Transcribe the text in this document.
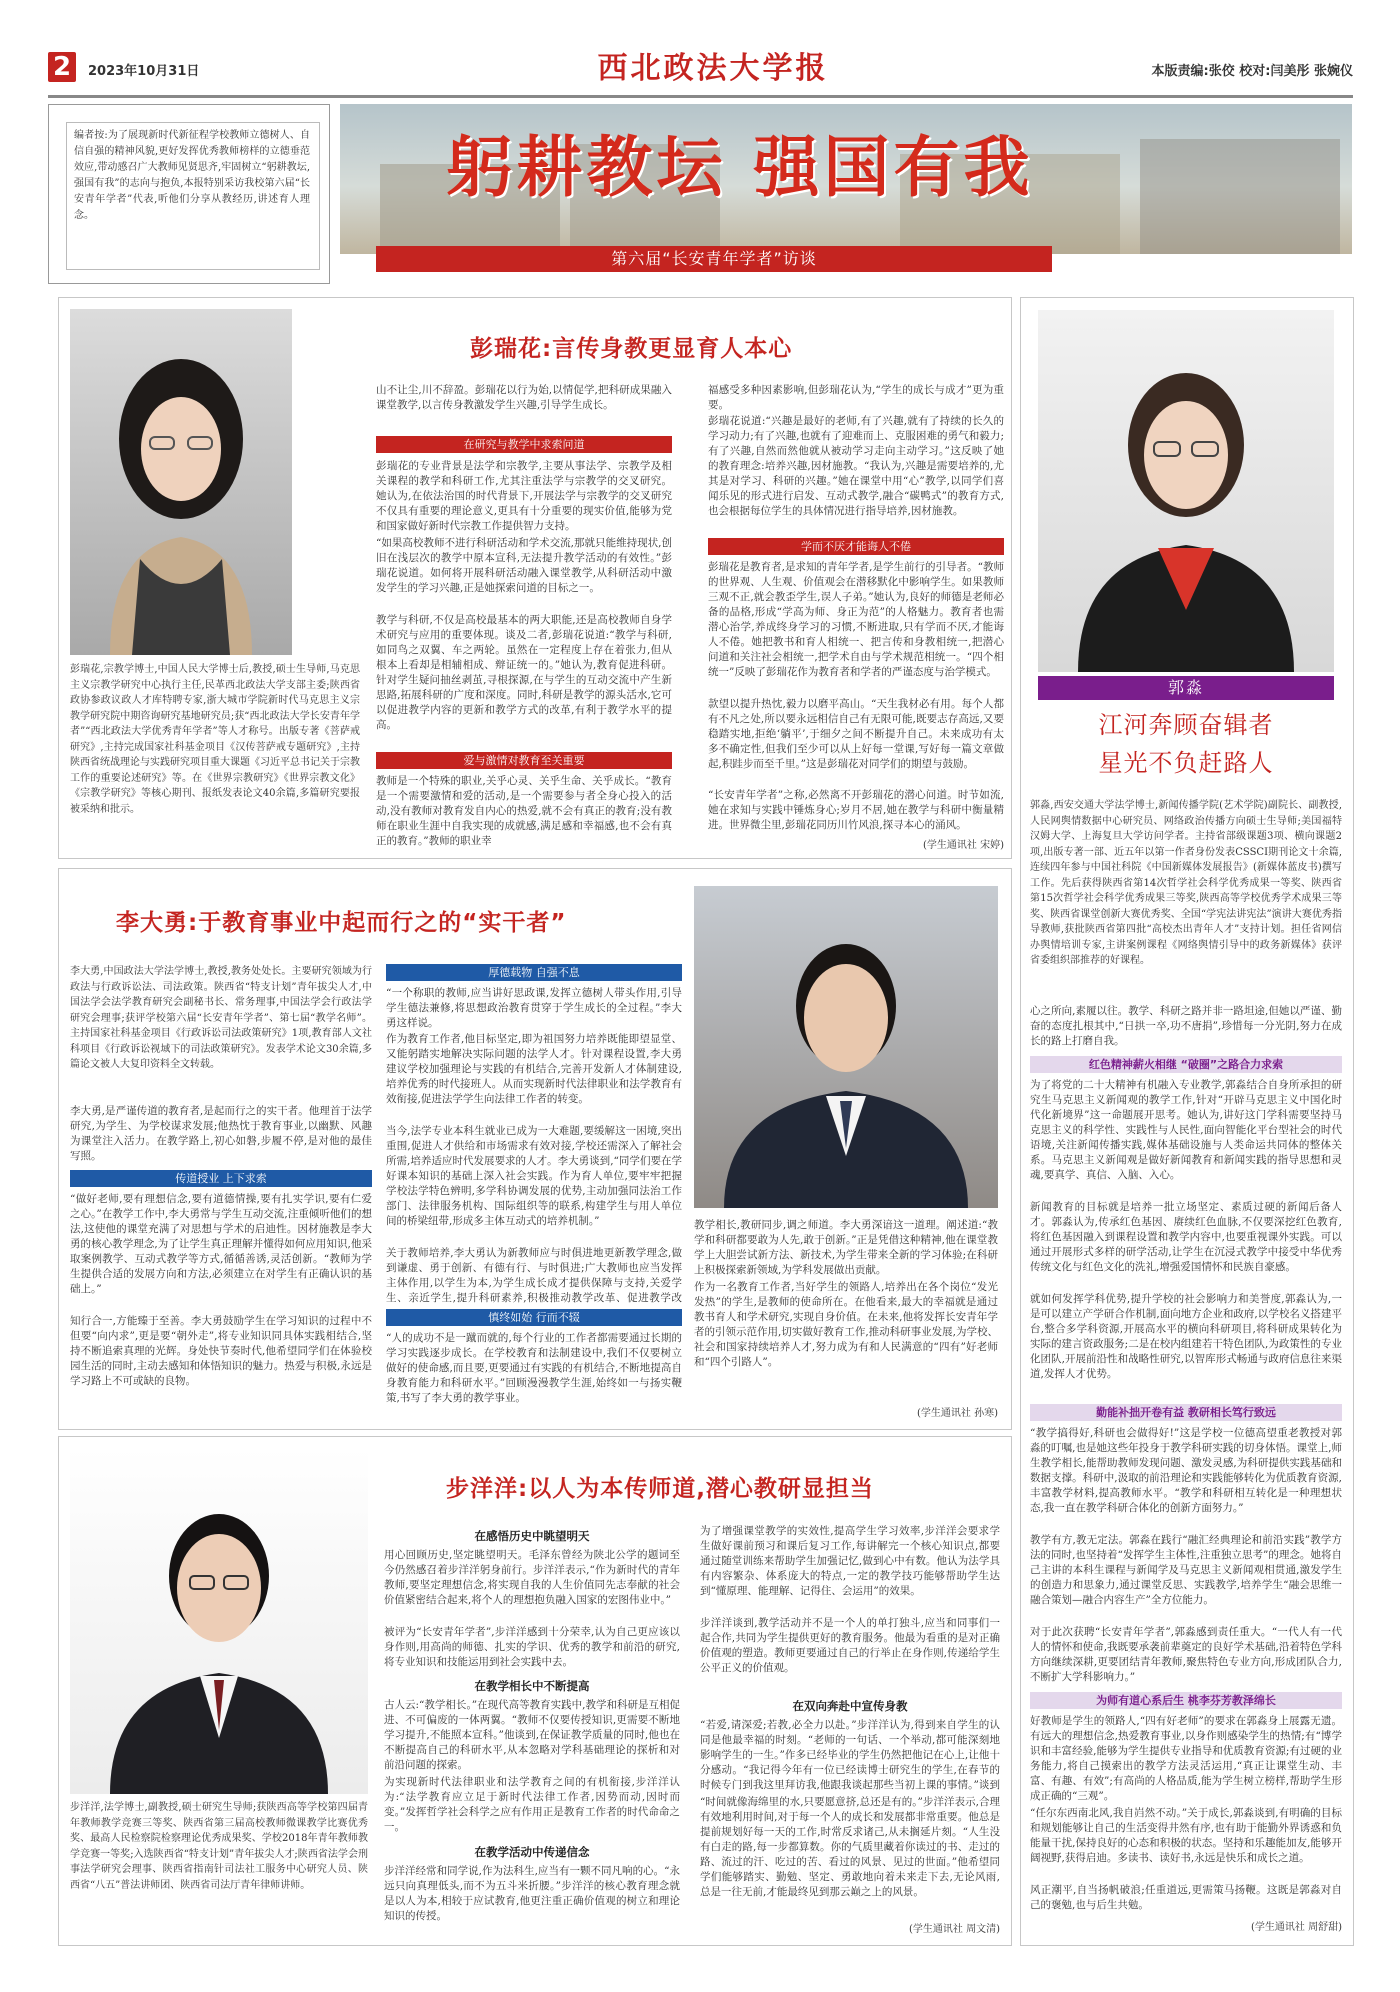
2	2023年10月31日	西北政法大学报	本版责编:张佼 校对:闫美彤 张婉仪
编者按:为了展现新时代新征程学校教师立德树人、自信自强的精神风貌,更好发挥优秀教师榜样的立德垂范效应,带动感召广大教师见贤思齐,牢固树立“躬耕教坛,强国有我”的志向与抱负,本报特别采访我校第六届“长安青年学者”代表,听他们分享从教经历,讲述育人理念。
躬耕教坛 强国有我
第六届“长安青年学者”访谈
彭瑞花,宗教学博士,中国人民大学博士后,教授,硕士生导师,马克思主义宗教学研究中心执行主任,民革西北政法大学支部主委;陕西省政协参政议政人才库特聘专家,浙大城市学院新时代马克思主义宗教学研究院中期咨询研究基地研究员;获“西北政法大学长安青年学者”“西北政法大学优秀青年学者”等人才称号。出版专著《菩萨戒研究》,主持完成国家社科基金项目《汉传菩萨戒专题研究》,主持陕西省统战理论与实践研究项目重大课题《习近平总书记关于宗教工作的重要论述研究》等。在《世界宗教研究》《世界宗教文化》《宗教学研究》等核心期刊、报纸发表论文40余篇,多篇研究要报被采纳和批示。
彭瑞花:言传身教更显育人本心
山不让尘,川不辞盈。彭瑞花以行为始,以情促学,把科研成果融入课堂教学,以言传身教激发学生兴趣,引导学生成长。
在研究与教学中求索问道
彭瑞花的专业背景是法学和宗教学,主要从事法学、宗教学及相关课程的教学和科研工作,尤其注重法学与宗教学的交叉研究。她认为,在依法治国的时代背景下,开展法学与宗教学的交叉研究不仅具有重要的理论意义,更具有十分重要的现实价值,能够为党和国家做好新时代宗教工作提供智力支持。
“如果高校教师不进行科研活动和学术交流,那就只能维持现状,创旧在浅层次的教学中原本宣科,无法提升教学活动的有效性。”彭瑞花说道。如何将开展科研活动融入课堂教学,从科研活动中激发学生的学习兴趣,正是她探索问道的目标之一。
教学与科研,不仅是高校最基本的两大职能,还是高校教师自身学术研究与应用的重要体现。谈及二者,彭瑞花说道:“教学与科研,如同鸟之双翼、车之两轮。虽然在一定程度上存在着张力,但从根本上看却是相辅相成、辩证统一的。”她认为,教育促进科研。针对学生疑问抽丝剥茧,寻根探源,在与学生的互动交流中产生新思路,拓展科研的广度和深度。同时,科研是教学的源头活水,它可以促进教学内容的更新和教学方式的改革,有利于教学水平的提高。
爱与激情对教育至关重要
教师是一个特殊的职业,关乎心灵、关乎生命、关乎成长。“教育是一个需要激情和爱的活动,是一个需要参与者全身心投入的活动,没有教师对教育发自内心的热爱,就不会有真正的教育;没有教师在职业生涯中自我实现的成就感,满足感和幸福感,也不会有真正的教育。”教师的职业幸
福感受多种因素影响,但彭瑞花认为,“学生的成长与成才”更为重要。
彭瑞花说道:“兴趣是最好的老师,有了兴趣,就有了持续的长久的学习动力;有了兴趣,也就有了迎难而上、克服困难的勇气和毅力;有了兴趣,自然而然他就从被动学习走向主动学习。”这反映了她的教育理念:培养兴趣,因材施教。“我认为,兴趣是需要培养的,尤其是对学习、科研的兴趣。”她在课堂中用“心”教学,以同学们喜闻乐见的形式进行启发、互动式教学,融合“碳鸭式”的教育方式,也会根据每位学生的具体情况进行指导培养,因材施教。
学而不厌才能诲人不倦
彭瑞花是教育者,是求知的青年学者,是学生前行的引导者。“教师的世界观、人生观、价值观会在潜移默化中影响学生。如果教师三观不正,就会教歪学生,误人子弟。”她认为,良好的师德是老师必备的品格,形成“学高为师、身正为范”的人格魅力。教育者也需潜心治学,养成终身学习的习惯,不断进取,只有学而不厌,才能诲人不倦。她把教书和育人相统一、把言传和身教相统一,把潜心问道和关注社会相统一,把学术自由与学术规范相统一。“四个相统一”反映了彭瑞花作为教育者和学者的严谨态度与治学模式。
款望以提升热忱,毅力以磨平高山。“天生我材必有用。每个人都有不凡之处,所以要永远相信自己有无限可能,既要志存高远,又要稳踏实地,拒绝‘躺平’,于细夕之间不断提升自己。未来成功有太多不确定性,但我们至少可以从上好每一堂课,写好每一篇文章做起,积跬步而至千里。”这是彭瑞花对同学们的期望与鼓励。
“长安青年学者”之称,必然离不开彭瑞花的潜心问道。时节如流,她在求知与实践中锤炼身心;岁月不居,她在教学与科研中衡量精进。世界微尘里,彭瑞花同历川竹风浪,探寻本心的涌风。
(学生通讯社 宋婷)
郭淼
江河奔顾奋辑者
星光不负赶路人
郭淼,西安交通大学法学博士,新闻传播学院(艺术学院)副院长、副教授,人民网舆情数据中心研究员、网络政治传播方向硕士生导师;美国福特汉姆大学、上海复旦大学访问学者。主持省部级课题3项、横向课题2项,出版专著一部、近五年以第一作者身份发表CSSCI期刊论文十余篇,连续四年参与中国社科院《中国新媒体发展报告》(新媒体蓝皮书)撰写工作。先后获得陕西省第14次哲学社会科学优秀成果一等奖、陕西省第15次哲学社会科学优秀成果三等奖,陕西高等学校优秀学术成果三等奖、陕西省课堂创新大赛优秀奖、全国“学宪法讲宪法”演讲大赛优秀指导教师,获批陕西省第四批“高校杰出青年人才”支持计划。担任省网信办舆情培训专家,主讲案例课程《网络舆情引导中的政务新媒体》获评省委组织部推荐的好课程。
心之所向,素履以往。教学、科研之路并非一路坦途,但她以严谨、勤奋的态度扎根其中,“日拱一卒,功不唐捐”,珍惜每一分光阴,努力在成长的路上打磨自我。
红色精神薪火相继 “破圈”之路合力求索
为了将党的二十大精神有机融入专业教学,郭淼结合自身所承担的研究生马克思主义新闻观的教学工作,针对“开辟马克思主义中国化时代化新境界”这一命题展开思考。她认为,讲好这门学科需要坚持马克思主义的科学性、实践性与人民性,面向智能化平台型社会的时代语境,关注新闻传播实践,媒体基础设施与人类命运共同体的整体关系。马克思主义新闻观是做好新闻教育和新闻实践的指导思想和灵魂,要真学、真信、入脑、入心。
新闻教育的目标就是培养一批立场坚定、素质过硬的新闻后备人才。郭淼认为,传承红色基因、赓续红色血脉,不仅要深挖红色教育,将红色基因融入到课程设置和教学内容中,也要重视课外实践。可以通过开展形式多样的研学活动,让学生在沉浸式教学中接受中华优秀传统文化与红色文化的洗礼,增强爱国情怀和民族自豪感。
就如何发挥学科优势,提升学校的社会影响力和美誉度,郭淼认为,一是可以建立产学研合作机制,面向地方企业和政府,以学校名义搭建平台,整合多学科资源,开展高水平的横向科研项目,将科研成果转化为实际的建言资政服务;二是在校内组建若干特色团队,为政策性的专业化团队,开展前沿性和战略性研究,以智库形式畅通与政府信息往来渠道,发挥人才优势。
勤能补拙开卷有益 教研相长笃行致远
“教学搞得好,科研也会做得好!”这是学校一位德高望重老教授对郭淼的叮嘱,也是她这些年投身于教学科研实践的切身体悟。课堂上,师生教学相长,能帮助教师发现问题、激发灵感,为科研提供实践基础和数据支撑。科研中,汲取的前沿理论和实践能够转化为优质教育资源,丰富教学材料,提高教师水平。“教学和科研相互转化是一种理想状态,我一直在教学科研合体化的创新方面努力。”
教学有方,教无定法。郭淼在践行“融汇经典理论和前沿实践”教学方法的同时,也坚持着“发挥学生主体性,注重独立思考”的理念。她将自己主讲的本科生课程与新闻学及马克思主义新闻观相贯通,激发学生的创造力和思象力,通过课堂反思、实践教学,培养学生“融会思维一融合策划—融合内容生产”全方位能力。
对于此次获聘“长安青年学者”,郭淼感到责任重大。“一代人有一代人的情怀和使命,我既要承袭前辈奠定的良好学术基础,沿着特色学科方向继续深耕,更要团结青年教师,聚焦特色专业方向,形成团队合力,不断扩大学科影响力。”
为师有道心系后生 桃李芬芳教泽绵长
好教师是学生的领路人,“四有好老师”的要求在郭淼身上展露无遗。有远大的理想信念,热爱教育事业,以身作则感染学生的热情;有“博学识和丰富经验,能够为学生提供专业指导和优质教育资源;有过硬的业务能力,将自己摸索出的教学方法灵活运用,“真正让课堂生动、丰富、有趣、有效”;有高尚的人格品质,能为学生树立榜样,帮助学生形成正确的“三观”。
“任尔东西南北风,我自岿然不动。”关于成长,郭淼谈到,有明确的目标和规划能够让自己的生活变得井然有序,也有助于能勤外界诱惑和负能量干扰,保持良好的心态和积极的状态。坚持和乐趣能加友,能够开阔视野,获得启迪。多读书、读好书,永远是快乐和成长之道。
风正潮平,自当扬帆破浪;任重道远,更需策马扬鞭。这既是郭淼对自己的褒勉,也与后生共勉。
(学生通讯社 周舒甜)
李大勇:于教育事业中起而行之的“实干者”
李大勇,中国政法大学法学博士,教授,教务处处长。主要研究领域为行政法与行政诉讼法、司法政策。陕西省“特支计划”青年拔尖人才,中国法学会法学教育研究会副秘书长、常务理事,中国法学会行政法学研究会理事;获评学校第六届“长安青年学者”、第七届“教学名师”。主持国家社科基金项目《行政诉讼司法政策研究》1项,教育部人文社科项目《行政诉讼视域下的司法政策研究》。发表学术论文30余篇,多篇论文被人大复印资料全文转载。
李大勇,是严谨传道的教育者,是起而行之的实干者。他理首于法学研究,为学生、为学校谋求发展;他热忱于教育事业,以幽默、风趣为课堂注入活力。在教学路上,初心如磐,步履不停,是对他的最佳写照。
传道授业 上下求索
“做好老师,要有理想信念,要有道德情操,要有扎实学识,要有仁爱之心。”在教学工作中,李大勇常与学生互动交流,注重倾听他们的想法,这使他的课堂充满了对思想与学术的启迪性。因材施教是李大勇的核心教学理念,为了让学生真正理解并懂得如何应用知识,他采取案例教学、互动式教学等方式,循循善诱,灵活创新。“教师为学生提供合适的发展方向和方法,必须建立在对学生有正确认识的基础上。”
知行合一,方能臻于至善。李大勇鼓励学生在学习知识的过程中不但要“向内求”,更是要“朝外走”,将专业知识同具体实践相结合,坚持不断追索真理的光辉。身处快节奏时代,他希望同学们在体验校园生活的同时,主动去感知和体悟知识的魅力。热爱与积极,永远是学习路上不可或缺的良物。
厚德载物 自强不息
“一个称职的教师,应当讲好思政课,发挥立德树人带头作用,引导学生德法兼修,将思想政治教育贯穿于学生成长的全过程。”李大勇这样说。
作为教育工作者,他目标坚定,即为祖国努力培养既能即望显堂、又能躬踏实地解决实际问题的法学人才。针对课程设置,李大勇建议学校加强理论与实践的有机结合,完善开发新人才体制建设,培养优秀的时代接班人。从而实现新时代法律职业和法学教育有效衔接,促进法学学生向法律工作者的转变。
当今,法学专业本科生就业已成为一大难题,要缓解这一困境,突出重围,促进人才供给和市场需求有效对接,学校还需深入了解社会所需,培养适应时代发展要求的人才。李大勇谈到,“同学们要在学好课本知识的基础上深入社会实践。作为育人单位,要牢牢把握学校法学特色辨明,多学科协调发展的优势,主动加强同法治工作部门、法律服务机构、国际组织等的联系,构建学生与用人单位间的桥梁纽带,形成多主体互动式的培养机制。”
关于教师培养,李大勇认为新教师应与时俱进地更新教学理念,做到谦虚、勇于创新、有德有行、与时俱进;广大教师也应当发挥主体作用,以学生为本,为学生成长成才提供保障与支持,关爱学生、亲近学生,提升科研素养,积极推动教学改革、促进教学改
慎终如始 行而不辍
“人的成功不是一蹴而就的,每个行业的工作者都需要通过长期的学习实践逐步成长。在学校教育和法制建设中,我们不仅要树立做好的使命感,而且要,更要通过有实践的有机结合,不断地提高自身教育能力和科研水平。”回顾漫漫教学生涯,始终如一与扬实鞭策,书写了李大勇的教学事业。
教学相长,教研同步,调之师道。李大勇深谙这一道理。阐述道:“教学和科研都要敢为人先,敢于创新。”正是凭借这种精神,他在课堂教学上大胆尝试新方法、新技术,为学生带来全新的学习体验;在科研上积极探索新领域,为学科发展做出贡献。
作为一名教育工作者,当好学生的领路人,培养出在各个岗位“发光发热”的学生,是教师的使命所在。在他看来,最大的幸福就是通过教书育人和学术研究,实现自身价值。在未来,他将发挥长安青年学者的引领示范作用,切实做好教育工作,推动科研事业发展,为学校、社会和国家持续培养人才,努力成为有和人民满意的“四有”好老师和“四个引路人”。
(学生通讯社 孙寒)
步洋洋,法学博士,副教授,硕士研究生导师;获陕西高等学校第四届青年教师教学竞赛三等奖、陕西省第三届高校教师微课教学比赛优秀奖、最高人民检察院检察理论优秀成果奖、学校2018年青年教师教学竞赛一等奖;入选陕西省“特支计划”青年拔尖人才;陕西省法学会刑事法学研究会理事、陕西省指南针司法社工服务中心研究人员、陕西省“八五”普法讲师团、陕西省司法厅青年律师讲师。
步洋洋:以人为本传师道,潜心教研显担当
在感悟历史中眺望明天
用心回顾历史,坚定眺望明天。毛泽东曾经为陕北公学的题词至今仍然感召着步洋洋躬身前行。步洋洋表示,“作为新时代的青年教师,要坚定理想信念,将实现自我的人生价值同先志奉献的社会价值紧密结合起来,将个人的理想抱负融入国家的宏图伟业中。”
被评为“长安青年学者”,步洋洋感到十分荣幸,认为自己更应该以身作则,用高尚的师德、扎实的学识、优秀的教学和前沿的研究,将专业知识和技能运用到社会实践中去。
在教学相长中不断提高
古人云:“教学相长。”在现代高等教育实践中,教学和科研是互相促进、不可偏废的一体两翼。“教师不仅要传授知识,更需要不断地学习提升,不能照本宣科。”他谈到,在保证教学质量的同时,他也在不断提高自己的科研水平,从本忽略对学科基础理论的探析和对前沿问题的探索。
为实现新时代法律职业和法学教育之间的有机衔接,步洋洋认为:“法学教育应立足于新时代法律工作者,因势而动,因时而变。”发挥哲学社会科学之应有作用正是教育工作者的时代命命之一。
在教学活动中传递信念
步洋洋经常和同学说,作为法科生,应当有一颗不同凡响的心。“永远只向真理低头,而不为五斗米折腰。”步洋洋的核心教育理念就是以人为本,相较于应试教育,他更注重正确价值观的树立和理论知识的传授。
为了增强课堂教学的实效性,提高学生学习效率,步洋洋会要求学生做好课前预习和课后复习工作,每讲解完一个核心知识点,都要通过随堂训练来帮助学生加强记忆,做到心中有数。他认为法学具有内容繁杂、体系庞大的特点,一定的教学技巧能够帮助学生达到“懂原理、能理解、记得住、会运用”的效果。
步洋洋谈到,教学活动并不是一个人的单打独斗,应当和同事们一起合作,共同为学生提供更好的教育服务。他最为看重的是对正确价值观的塑造。教师更要通过自己的行举止在身作则,传递给学生公平正义的价值观。
在双向奔赴中宣传身教
“若爱,请深爱;若教,必全力以赴。”步洋洋认为,得到来自学生的认同是他最幸福的时刻。“老师的一句话、一个举动,都可能深刻地影响学生的一生。”作多已经毕业的学生仍然把他记在心上,让他十分感动。“我记得今年有一位已经读博士研究生的学生,在春节的时候专门到我这里拜访我,他跟我谈起那些当初上课的事情。”谈到
“时间就像海绵里的水,只要愿意挤,总还是有的。”步洋洋表示,合理有效地利用时间,对于每一个人的成长和发展都非常重要。他总是提前规划好每一天的工作,时常反求诸己,从未搁延片刻。“人生没有白走的路,每一步都算数。你的气质里藏着你读过的书、走过的路、流过的汗、吃过的苦、看过的风景、见过的世面。”他希望同学们能够踏实、勤勉、坚定、勇敢地向着未来走下去,无论风雨,总是一往无前,才能最终见到那云巅之上的风景。
(学生通讯社 周文清)
